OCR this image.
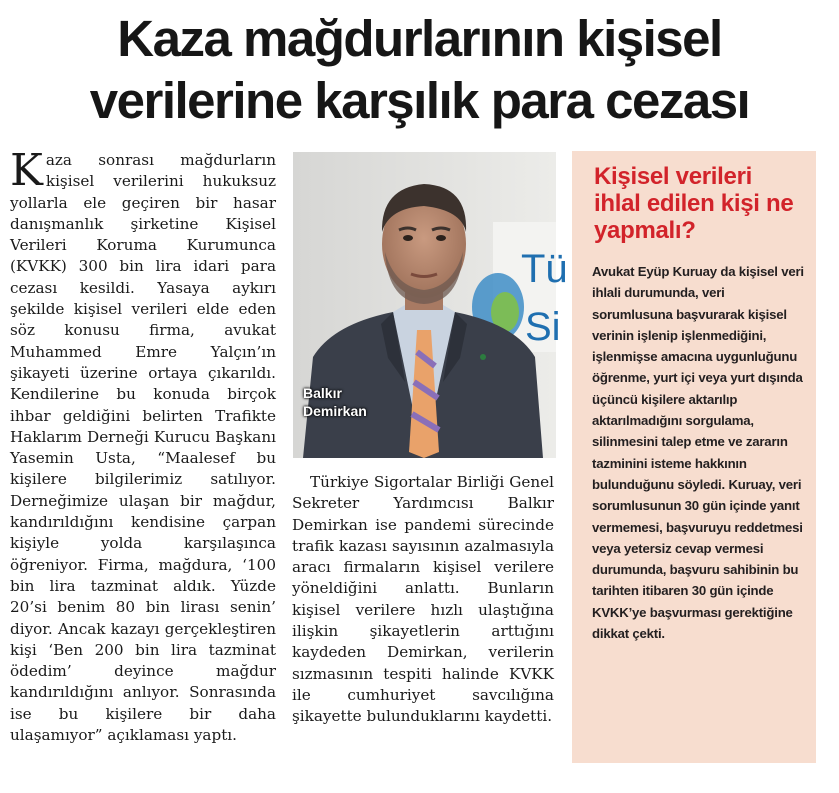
Kaza mağdurlarının kişisel
verilerine karşılık para cezası
K aza sonrası mağdurların kişisel verilerini hukuksuz yollarla ele geçiren bir hasar danışmanlık şirketine Kişisel Verileri Koruma Kurumunca (KVKK) 300 bin lira idari para cezası kesildi. Yasaya aykırı şekilde kişisel verileri elde eden söz konusu firma, avukat Muhammed Emre Yalçın’ın şikayeti üzerine ortaya çıkarıldı. Kendilerine bu konuda birçok ihbar geldiğini belirten Trafikte Haklarım Derneği Kurucu Başkanı Yasemin Usta, “Maalesef bu kişilere bilgilerimiz satılıyor. Derneğimize ulaşan bir mağdur, kandırıldığını kendisine çarpan kişiyle yolda karşılaşınca öğreniyor. Firma, mağdura, ‘100 bin lira tazminat aldık. Yüzde 20’si benim 80 bin lirası senin’ diyor. Ancak kazayı gerçekleştiren kişi ‘Ben 200 bin lira tazminat ödedim’ deyince mağdur kandırıldığını anlıyor. Sonrasında ise bu kişilere bir daha ulaşamıyor” açıklaması yaptı.

Tü
Si
Balkır
Demirkan

Türkiye Sigortalar Birliği Genel Sekreter Yardımcısı Balkır Demirkan ise pandemi sürecinde trafik kazası sayısının azalmasıyla aracı firmaların kişisel verilere yöneldiğini anlattı. Bunların kişisel verilere hızlı ulaştığına ilişkin şikayetlerin arttığını kaydeden Demirkan, verilerin sızmasının tespiti halinde KVKK ile cumhuriyet savcılığına şikayette bulunduklarını kaydetti.

Kişisel verileri ihlal edilen kişi ne yapmalı?

Avukat Eyüp Kuruay da kişisel veri ihlali durumunda, veri sorumlusuna başvurarak kişisel verinin işlenip işlenmediğini, işlenmişse amacına uygunluğunu öğrenme, yurt içi veya yurt dışında üçüncü kişilere aktarılıp aktarılmadığını sorgulama, silinmesini talep etme ve zararın tazminini isteme hakkının bulunduğunu söyledi. Kuruay, veri sorumlusunun 30 gün içinde yanıt vermemesi, başvuruyu reddetmesi veya yetersiz cevap vermesi durumunda, başvuru sahibinin bu tarihten itibaren 30 gün içinde KVKK’ye başvurması gerektiğine dikkat çekti.
